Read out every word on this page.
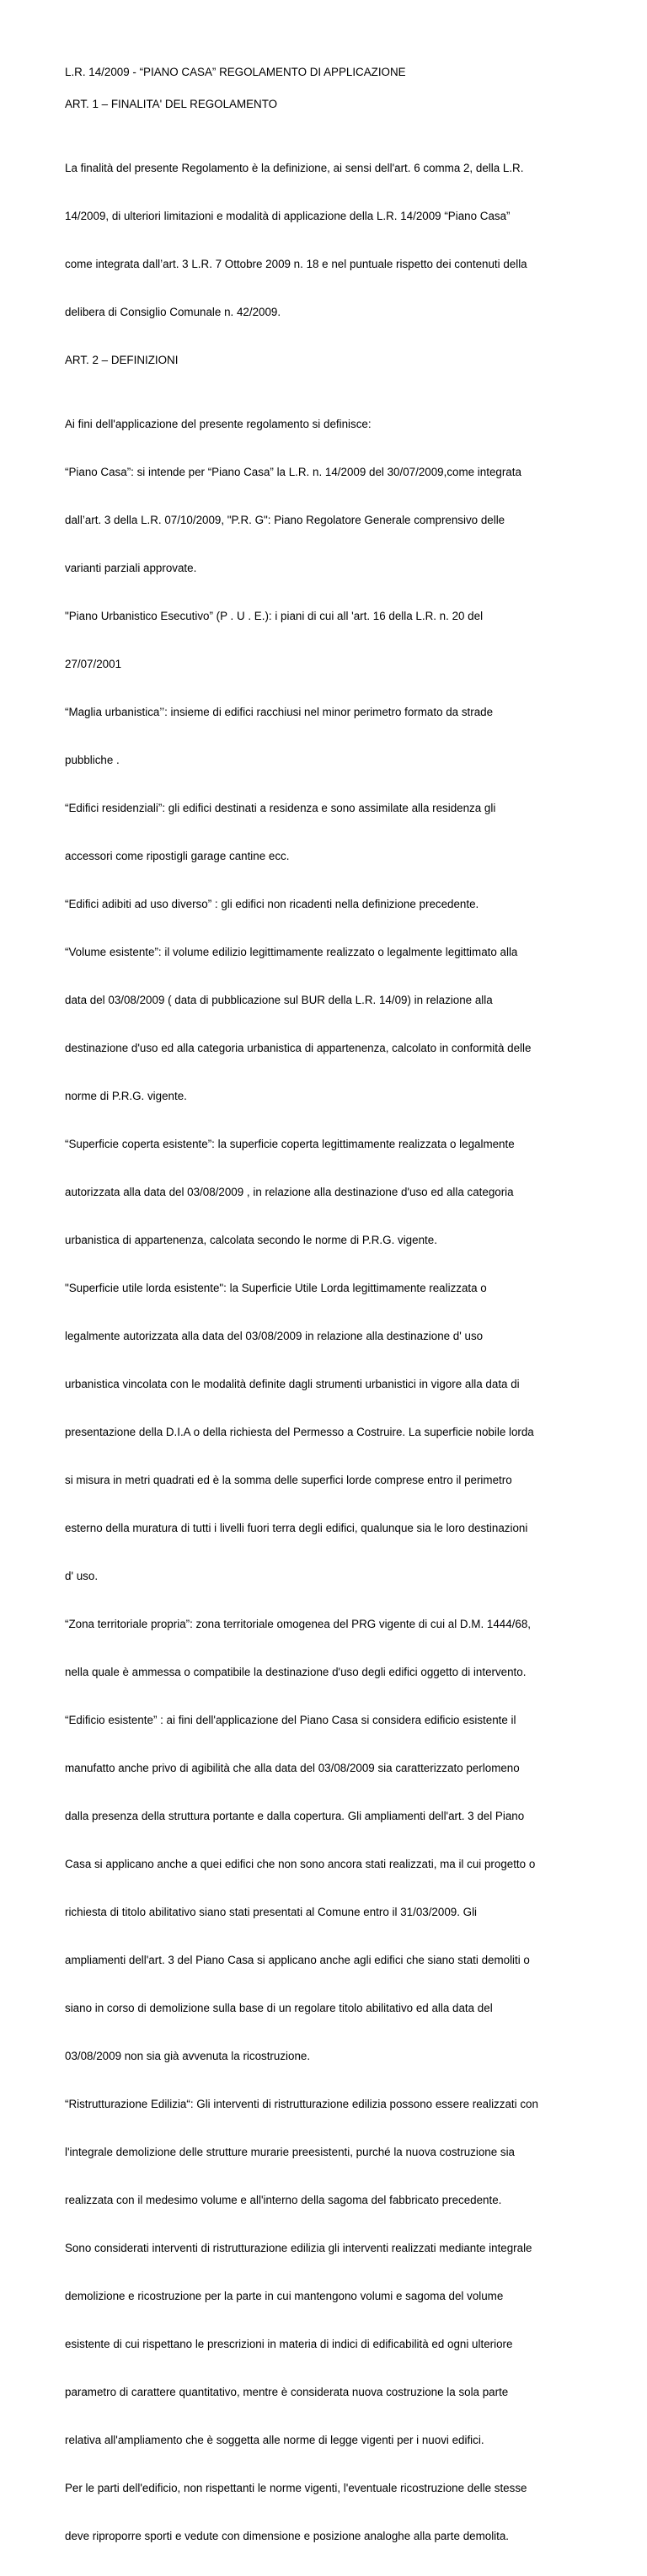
L.R. 14/2009 - “PIANO CASA” REGOLAMENTO DI APPLICAZIONE
ART. 1 – FINALITA' DEL REGOLAMENTO

La finalità del presente Regolamento è la definizione, ai sensi dell'art. 6 comma 2, della L.R.

14/2009, di ulteriori limitazioni e modalità di applicazione della L.R. 14/2009 “Piano Casa”

come integrata dall’art. 3 L.R. 7 Ottobre 2009 n. 18 e nel puntuale rispetto dei contenuti della

delibera di Consiglio Comunale n. 42/2009.

ART. 2 – DEFINIZIONI

Ai fini dell'applicazione del presente regolamento si definisce:

“Piano Casa”: si intende per “Piano Casa” la L.R. n. 14/2009 del 30/07/2009,come integrata

dall’art. 3 della L.R. 07/10/2009, "P.R. G": Piano Regolatore Generale comprensivo delle

varianti parziali approvate.

"Piano Urbanistico Esecutivo” (P . U . E.): i piani di cui all 'art. 16 della L.R. n. 20 del

27/07/2001

“Maglia urbanistica’’: insieme di edifici racchiusi nel minor perimetro formato da strade

pubbliche .

“Edifici residenziali”: gli edifici destinati a residenza e sono assimilate alla residenza gli

accessori come ripostigli garage cantine ecc.

“Edifici adibiti ad uso diverso” : gli edifici non ricadenti nella definizione precedente.

“Volume esistente”: il volume edilizio legittimamente realizzato o legalmente legittimato alla

data del 03/08/2009 ( data di pubblicazione sul BUR della L.R. 14/09) in relazione alla

destinazione d'uso ed alla categoria urbanistica di appartenenza, calcolato in conformità delle

norme di P.R.G. vigente.

“Superficie coperta esistente”: la superficie coperta legittimamente realizzata o legalmente

autorizzata alla data del 03/08/2009 , in relazione alla destinazione d'uso ed alla categoria

urbanistica di appartenenza, calcolata secondo le norme di P.R.G. vigente.

"Superficie utile lorda esistente": la Superficie Utile Lorda legittimamente realizzata o

legalmente autorizzata alla data del 03/08/2009 in relazione alla destinazione d' uso

urbanistica vincolata con le modalità definite dagli strumenti urbanistici in vigore alla data di

presentazione della D.I.A o della richiesta del Permesso a Costruire. La superficie nobile lorda

si misura in metri quadrati ed è la somma delle superfici lorde comprese entro il perimetro

esterno della muratura di tutti i livelli fuori terra degli edifici, qualunque sia le loro destinazioni

d' uso.

“Zona territoriale propria”: zona territoriale omogenea del PRG vigente di cui al D.M. 1444/68,

nella quale è ammessa o compatibile la destinazione d'uso degli edifici oggetto di intervento.

“Edificio esistente” : ai fini dell'applicazione del Piano Casa si considera edificio esistente il

manufatto anche privo di agibilità che alla data del 03/08/2009 sia caratterizzato perlomeno

dalla presenza della struttura portante e dalla copertura. Gli ampliamenti dell'art. 3 del Piano

Casa si applicano anche a quei edifici che non sono ancora stati realizzati, ma il cui progetto o

richiesta di titolo abilitativo siano stati presentati al Comune entro il 31/03/2009. Gli

ampliamenti dell'art. 3 del Piano Casa si applicano anche agli edifici che siano stati demoliti o

siano in corso di demolizione sulla base di un regolare titolo abilitativo ed alla data del

03/08/2009 non sia già avvenuta la ricostruzione.

“Ristrutturazione Edilizia“: Gli interventi di ristrutturazione edilizia possono essere realizzati con

l'integrale demolizione delle strutture murarie preesistenti, purché la nuova costruzione sia

realizzata con il medesimo volume e all'interno della sagoma del fabbricato precedente.

Sono considerati interventi di ristrutturazione edilizia gli interventi realizzati mediante integrale

demolizione e ricostruzione per la parte in cui mantengono volumi e sagoma del volume

esistente di cui rispettano le prescrizioni in materia di indici di edificabilità ed ogni ulteriore

parametro di carattere quantitativo, mentre è considerata nuova costruzione la sola parte

relativa all'ampliamento che è soggetta alle norme di legge vigenti per i nuovi edifici.

Per le parti dell'edificio, non rispettanti le norme vigenti, l'eventuale ricostruzione delle stesse

deve riproporre sporti e vedute con dimensione e posizione analoghe alla parte demolita.
